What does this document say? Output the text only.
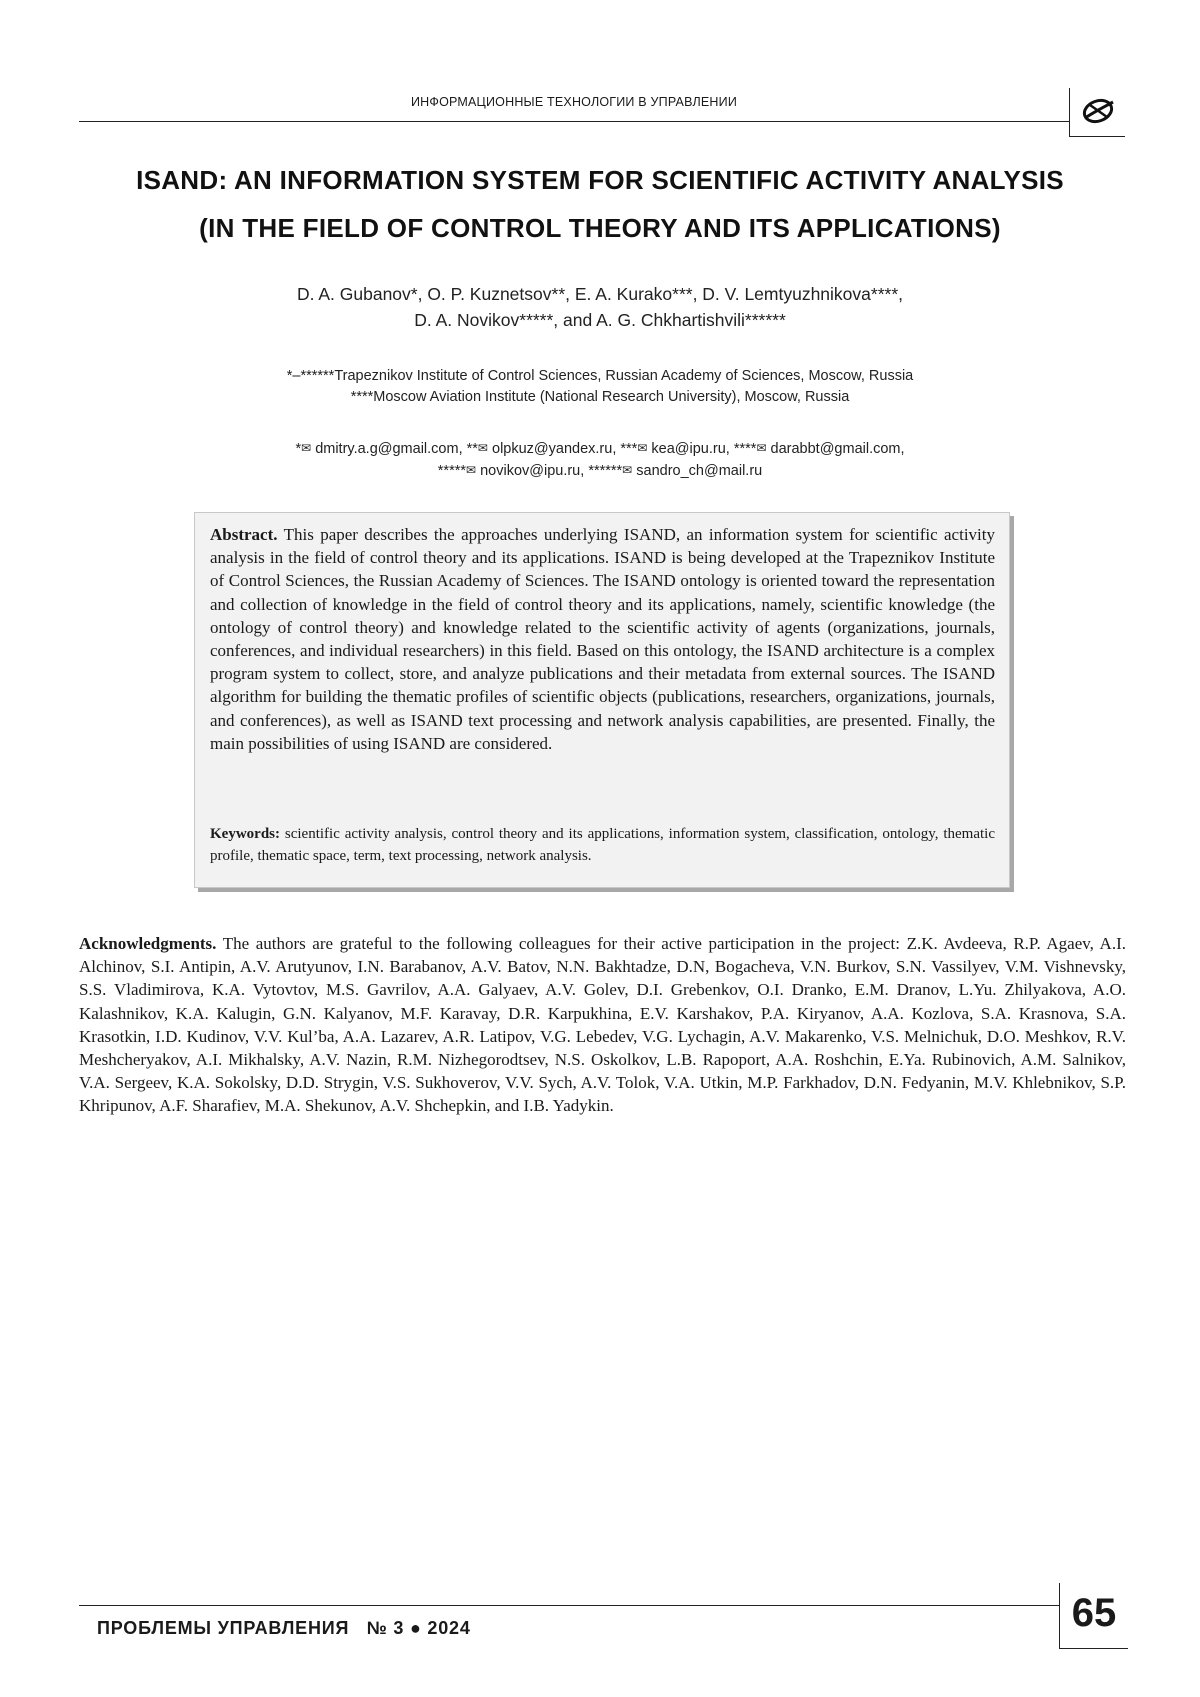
ИНФОРМАЦИОННЫЕ ТЕХНОЛОГИИ В УПРАВЛЕНИИ
ISAND: AN INFORMATION SYSTEM FOR SCIENTIFIC ACTIVITY ANALYSIS
(IN THE FIELD OF CONTROL THEORY AND ITS APPLICATIONS)
D. A. Gubanov*, O. P. Kuznetsov**, E. A. Kurako***, D. V. Lemtyuzhnikova****,
D. A. Novikov*****, and A. G. Chkhartishvili******
*–******Trapeznikov Institute of Control Sciences, Russian Academy of Sciences, Moscow, Russia
****Moscow Aviation Institute (National Research University), Moscow, Russia
*✉ dmitry.a.g@gmail.com, **✉ olpkuz@yandex.ru, ***✉ kea@ipu.ru, ****✉ darabbt@gmail.com,
*****✉ novikov@ipu.ru, ******✉ sandro_ch@mail.ru
Abstract. This paper describes the approaches underlying ISAND, an information system for scientific activity analysis in the field of control theory and its applications. ISAND is being developed at the Trapeznikov Institute of Control Sciences, the Russian Academy of Sciences. The ISAND ontology is oriented toward the representation and collection of knowledge in the field of control theory and its applications, namely, scientific knowledge (the ontology of control theory) and knowledge related to the scientific activity of agents (organizations, journals, conferences, and individual researchers) in this field. Based on this ontology, the ISAND architecture is a complex program system to collect, store, and analyze publications and their metadata from external sources. The ISAND algorithm for building the thematic profiles of scientific objects (publications, researchers, organizations, journals, and conferences), as well as ISAND text processing and network analysis capabilities, are presented. Finally, the main possibilities of using ISAND are considered.
Keywords: scientific activity analysis, control theory and its applications, information system, classification, ontology, thematic profile, thematic space, term, text processing, network analysis.
Acknowledgments. The authors are grateful to the following colleagues for their active participation in the project: Z.K. Avdeeva, R.P. Agaev, A.I. Alchinov, S.I. Antipin, A.V. Arutyunov, I.N. Barabanov, A.V. Batov, N.N. Bakhtadze, D.N, Bogacheva, V.N. Burkov, S.N. Vassilyev, V.M. Vishnevsky, S.S. Vladimirova, K.A. Vytovtov, M.S. Gavrilov, A.A. Galyaev, A.V. Golev, D.I. Grebenkov, O.I. Dranko, E.M. Dranov, L.Yu. Zhilyakova, A.O. Kalashnikov, K.A. Kalugin, G.N. Kalyanov, M.F. Karavay, D.R. Karpukhina, E.V. Karshakov, P.A. Kiryanov, A.A. Kozlova, S.A. Krasnova, S.A. Krasotkin, I.D. Kudinov, V.V. Kul’ba, A.A. Lazarev, A.R. Latipov, V.G. Lebedev, V.G. Lychagin, A.V. Makarenko, V.S. Melnichuk, D.O. Meshkov, R.V. Meshcheryakov, A.I. Mikhalsky, A.V. Nazin, R.M. Nizhegorodtsev, N.S. Oskolkov, L.B. Rapoport, A.A. Roshchin, E.Ya. Rubinovich, A.M. Salnikov, V.A. Sergeev, K.A. Sokolsky, D.D. Strygin, V.S. Sukhoverov, V.V. Sych, A.V. Tolok, V.A. Utkin, M.P. Farkhadov, D.N. Fedyanin, M.V. Khlebnikov, S.P. Khripunov, A.F. Sharafiev, M.A. Shekunov, A.V. Shchepkin, and I.B. Yadykin.
ПРОБЛЕМЫ УПРАВЛЕНИЯ   № 3 ● 2024	65
